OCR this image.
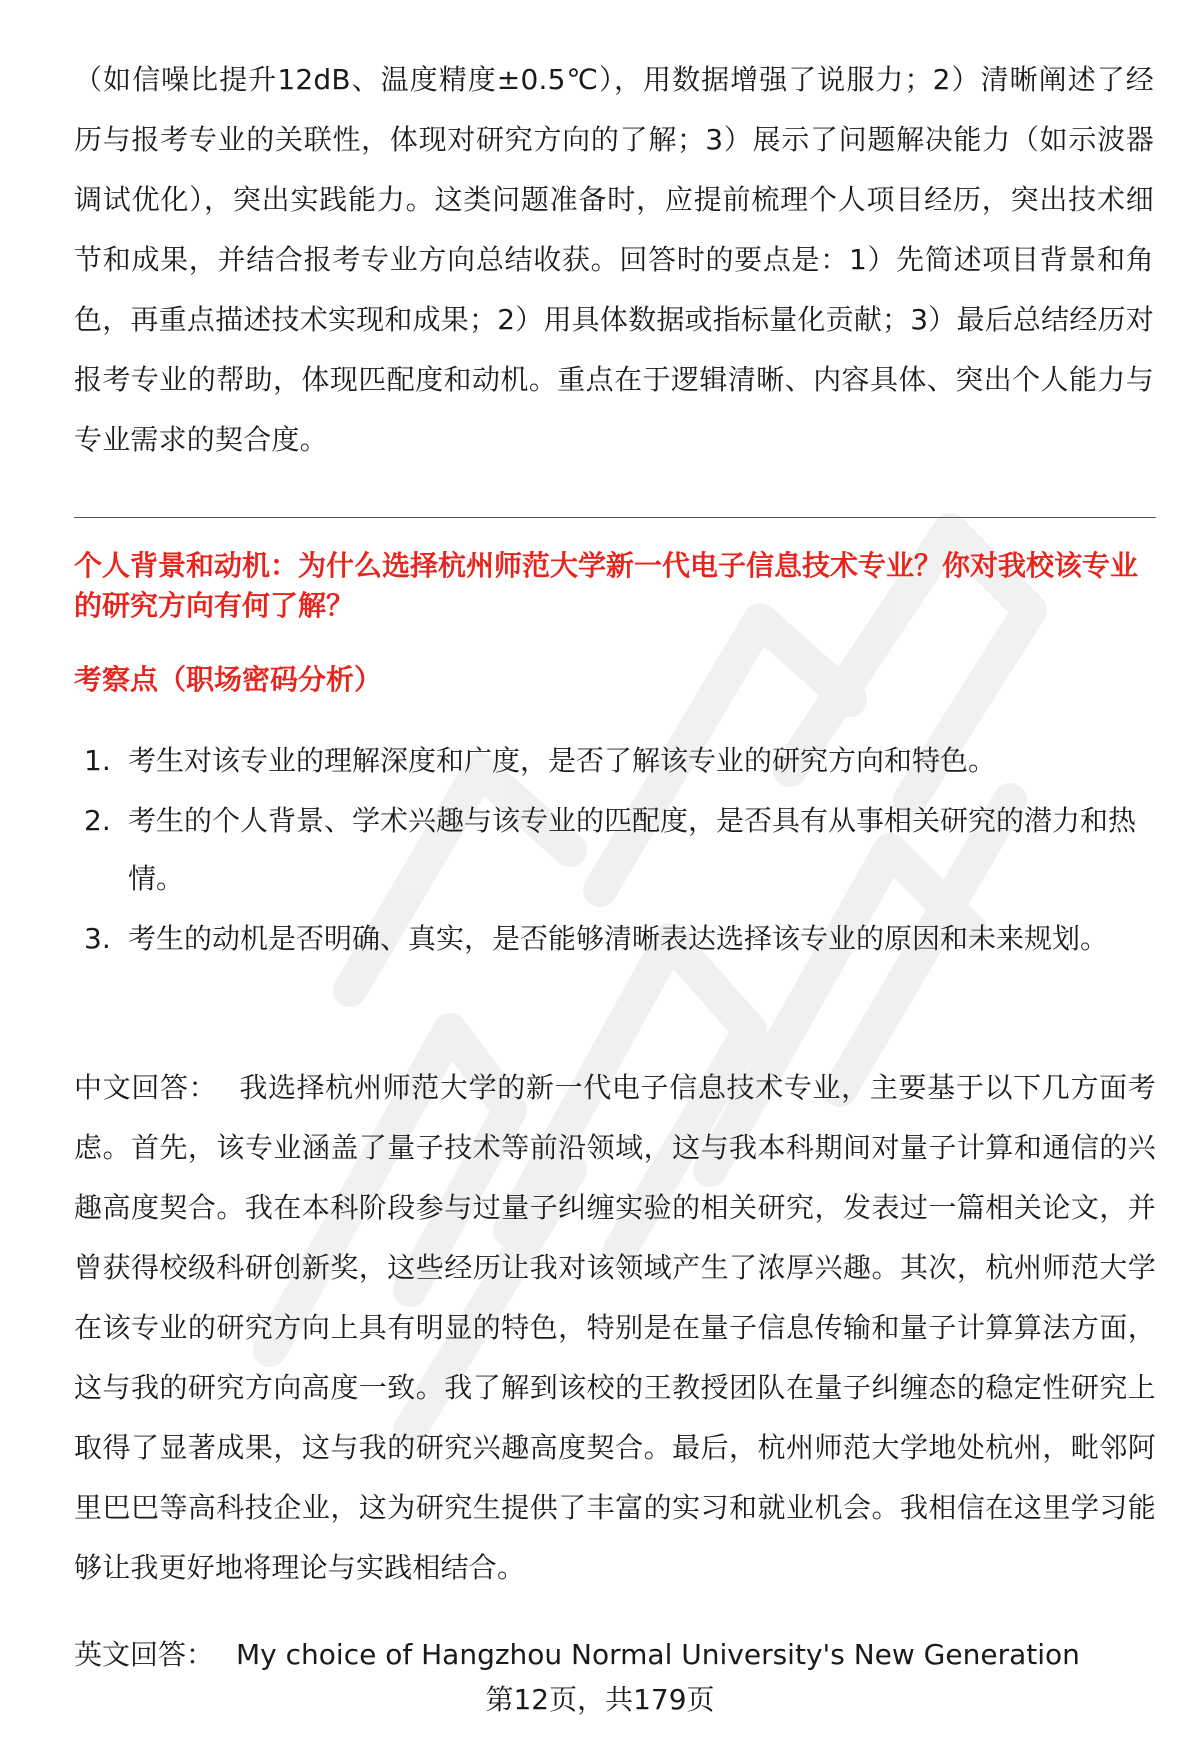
（如信噪比提升12dB、温度精度±0.5℃），用数据增强了说服力；2）清晰阐述了经历与报考专业的关联性，体现对研究方向的了解；3）展示了问题解决能力（如示波器调试优化），突出实践能力。这类问题准备时，应提前梳理个人项目经历，突出技术细节和成果，并结合报考专业方向总结收获。回答时的要点是：1）先简述项目背景和角色，再重点描述技术实现和成果；2）用具体数据或指标量化贡献；3）最后总结经历对报考专业的帮助，体现匹配度和动机。重点在于逻辑清晰、内容具体、突出个人能力与专业需求的契合度。

个人背景和动机：为什么选择杭州师范大学新一代电子信息技术专业？你对我校该专业的研究方向有何了解？

考察点（职场密码分析）

1. 考生对该专业的理解深度和广度，是否了解该专业的研究方向和特色。
2. 考生的个人背景、学术兴趣与该专业的匹配度，是否具有从事相关研究的潜力和热情。
3. 考生的动机是否明确、真实，是否能够清晰表达选择该专业的原因和未来规划。

中文回答： 我选择杭州师范大学的新一代电子信息技术专业，主要基于以下几方面考虑。首先，该专业涵盖了量子技术等前沿领域，这与我本科期间对量子计算和通信的兴趣高度契合。我在本科阶段参与过量子纠缠实验的相关研究，发表过一篇相关论文，并曾获得校级科研创新奖，这些经历让我对该领域产生了浓厚兴趣。其次，杭州师范大学在该专业的研究方向上具有明显的特色，特别是在量子信息传输和量子计算算法方面，这与我的研究方向高度一致。我了解到该校的王教授团队在量子纠缠态的稳定性研究上取得了显著成果，这与我的研究兴趣高度契合。最后，杭州师范大学地处杭州，毗邻阿里巴巴等高科技企业，这为研究生提供了丰富的实习和就业机会。我相信在这里学习能够让我更好地将理论与实践相结合。

英文回答： My choice of Hangzhou Normal University's New Generation

第12页，共179页
